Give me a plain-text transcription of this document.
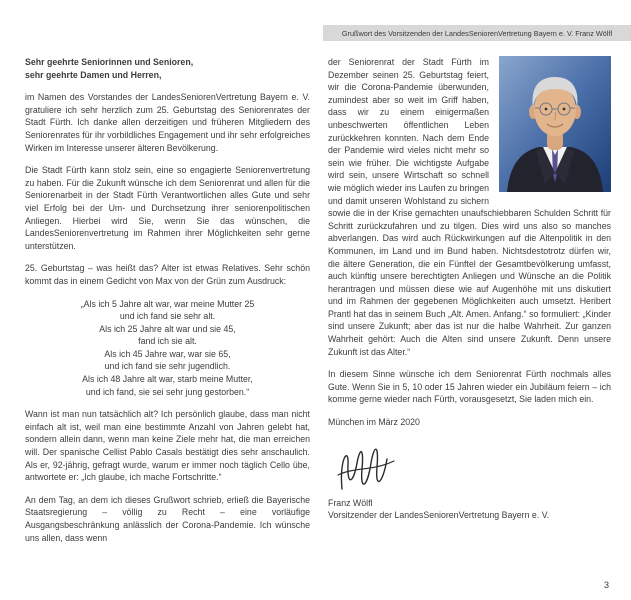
Grußwort des Vorsitzenden der LandesSeniorenVertretung Bayern e. V. Franz Wölfl

Sehr geehrte Seniorinnen und Senioren,
sehr geehrte Damen und Herren,

im Namen des Vorstandes der LandesSeniorenVertretung Bayern e. V. gratuliere ich sehr herzlich zum 25. Geburtstag des Seniorenrates der Stadt Fürth. Ich danke allen derzeitigen und früheren Mitgliedern des Seniorenrates für ihr vorbildliches Engagement und ihr sehr erfolgreiches Wirken im Interesse unserer älteren Bevölkerung.

Die Stadt Fürth kann stolz sein, eine so engagierte Seniorenvertretung zu haben. Für die Zukunft wünsche ich dem Seniorenrat und allen für die Seniorenarbeit in der Stadt Fürth Verantwortlichen alles Gute und sehr viel Erfolg bei der Um- und Durchsetzung ihrer seniorenpolitischen Anliegen. Hierbei wird Sie, wenn Sie das wünschen, die LandesSeniorenvertretung im Rahmen ihrer Möglichkeiten sehr gerne unterstützen.

25. Geburtstag – was heißt das? Alter ist etwas Relatives. Sehr schön kommt das in einem Gedicht von Max von der Grün zum Ausdruck:

„Als ich 5 Jahre alt war, war meine Mutter 25
und ich fand sie sehr alt.
Als ich 25 Jahre alt war und sie 45,
fand ich sie alt.
Als ich 45 Jahre war, war sie 65,
und ich fand sie sehr jugendlich.
Als ich 48 Jahre alt war, starb meine Mutter,
und ich fand, sie sei sehr jung gestorben.“

Wann ist man nun tatsächlich alt? Ich persönlich glaube, dass man nicht einfach alt ist, weil man eine bestimmte Anzahl von Jahren gelebt hat, sondern allein dann, wenn man keine Ziele mehr hat, die man erreichen will. Der spanische Cellist Pablo Casals bestätigt dies sehr anschaulich. Als er, 92-jährig, gefragt wurde, warum er immer noch täglich Cello übe, antwortete er: „Ich glaube, ich mache Fortschritte.“

An dem Tag, an dem ich dieses Grußwort schrieb, erließ die Bayerische Staatsregierung – völlig zu Recht – eine vorläufige Ausgangsbeschränkung anlässlich der Corona-Pandemie. Ich wünsche uns allen, dass wenn

der Seniorenrat der Stadt Fürth im Dezember seinen 25. Geburtstag feiert, wir die Corona-Pandemie überwunden, zumindest aber so weit im Griff haben, dass wir zu einem einigermaßen unbeschwerten öffentlichen Leben zurückkehren konnten. Nach dem Ende der Pandemie wird vieles nicht mehr so sein wie früher. Die wichtigste Aufgabe wird sein, unsere Wirtschaft so schnell wie möglich wieder ins Laufen zu bringen und damit unseren Wohlstand zu sichern sowie die in der Krise gemachten unaufschiebbaren Schulden Schritt für Schritt zurückzufahren und zu tilgen. Dies wird uns also so manches abverlangen. Das wird auch Rückwirkungen auf die Altenpolitik in den Kommunen, im Land und im Bund haben. Nichtsdestotrotz dürfen wir, die ältere Generation, die ein Fünftel der Gesamtbevölkerung umfasst, auch künftig unsere berechtigten Anliegen und Wünsche an die Politik herantragen und müssen diese wie auf Augenhöhe mit uns diskutiert und im Rahmen der gegebenen Möglichkeiten auch umsetzt. Heribert Prantl hat das in seinem Buch „Alt. Amen. Anfang.“ so formuliert: „Kinder sind unsere Zukunft; aber das ist nur die halbe Wahrheit. Zur ganzen Wahrheit gehört: Auch die Alten sind unsere Zukunft. Denn unsere Zukunft ist das Alter.“

In diesem Sinne wünsche ich dem Seniorenrat Fürth nochmals alles Gute. Wenn Sie in 5, 10 oder 15 Jahren wieder ein Jubiläum feiern – ich komme gerne wieder nach Fürth, vorausgesetzt, Sie laden mich ein.

München im März 2020

Franz Wölfl

Vorsitzender der LandesSeniorenVertretung Bayern e. V.

3
